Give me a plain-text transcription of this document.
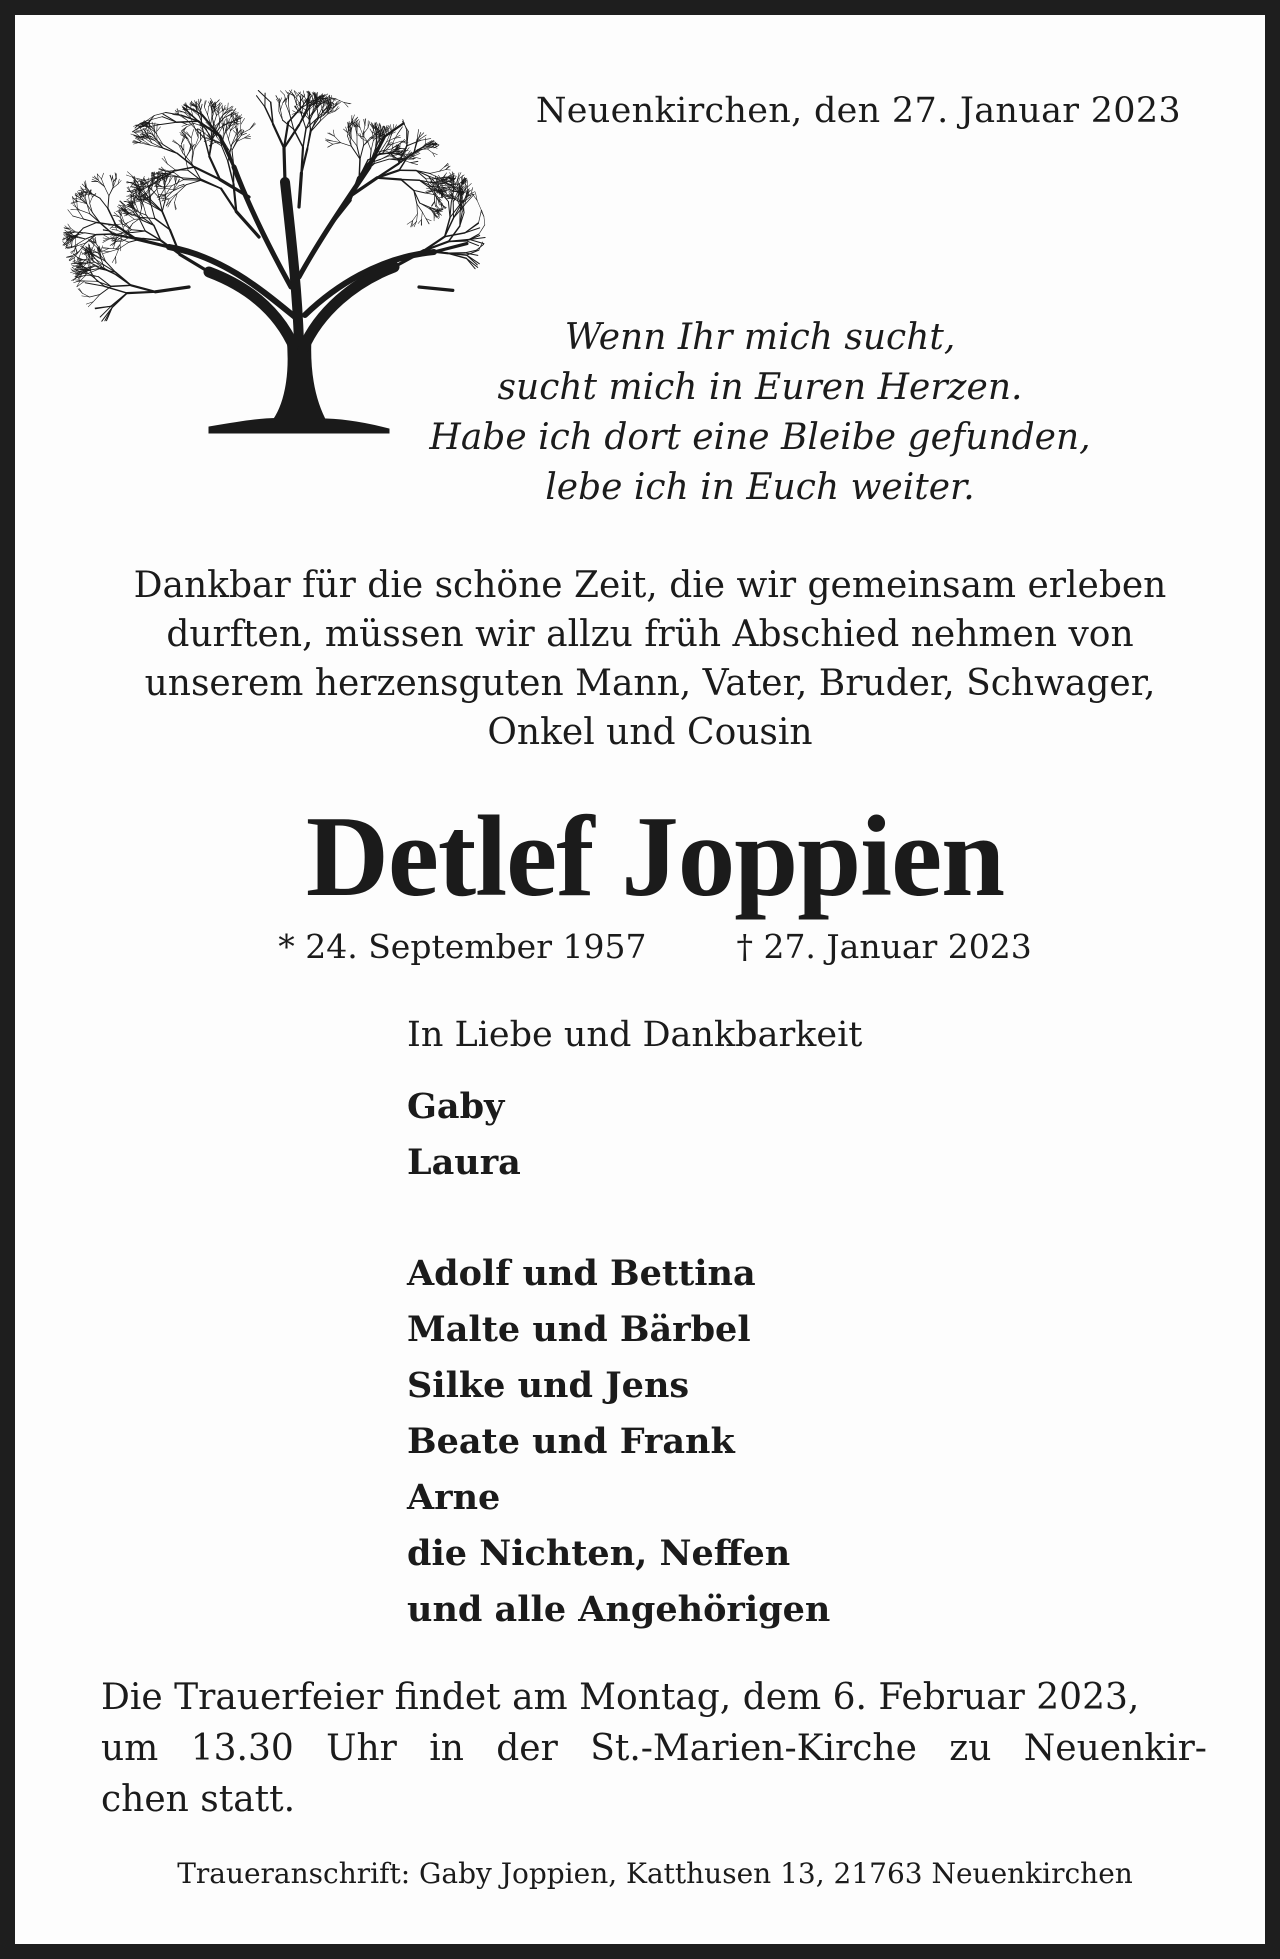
Neuenkirchen, den 27. Januar 2023
Wenn Ihr mich sucht,
sucht mich in Euren Herzen.
Habe ich dort eine Bleibe gefunden,
lebe ich in Euch weiter.
Dankbar für die schöne Zeit, die wir gemeinsam erleben
durften, müssen wir allzu früh Abschied nehmen von
unserem herzensguten Mann, Vater, Bruder, Schwager,
Onkel und Cousin
Detlef Joppien
* 24. September 1957	† 27. Januar 2023
In Liebe und Dankbarkeit
Gaby
Laura
Adolf und Bettina
Malte und Bärbel
Silke und Jens
Beate und Frank
Arne
die Nichten, Neffen
und alle Angehörigen
Die Trauerfeier findet am Montag, dem 6. Februar 2023,
um 13.30 Uhr in der St.-Marien-Kirche zu Neuenkir-
chen statt.
Traueranschrift: Gaby Joppien, Katthusen 13, 21763 Neuenkirchen
